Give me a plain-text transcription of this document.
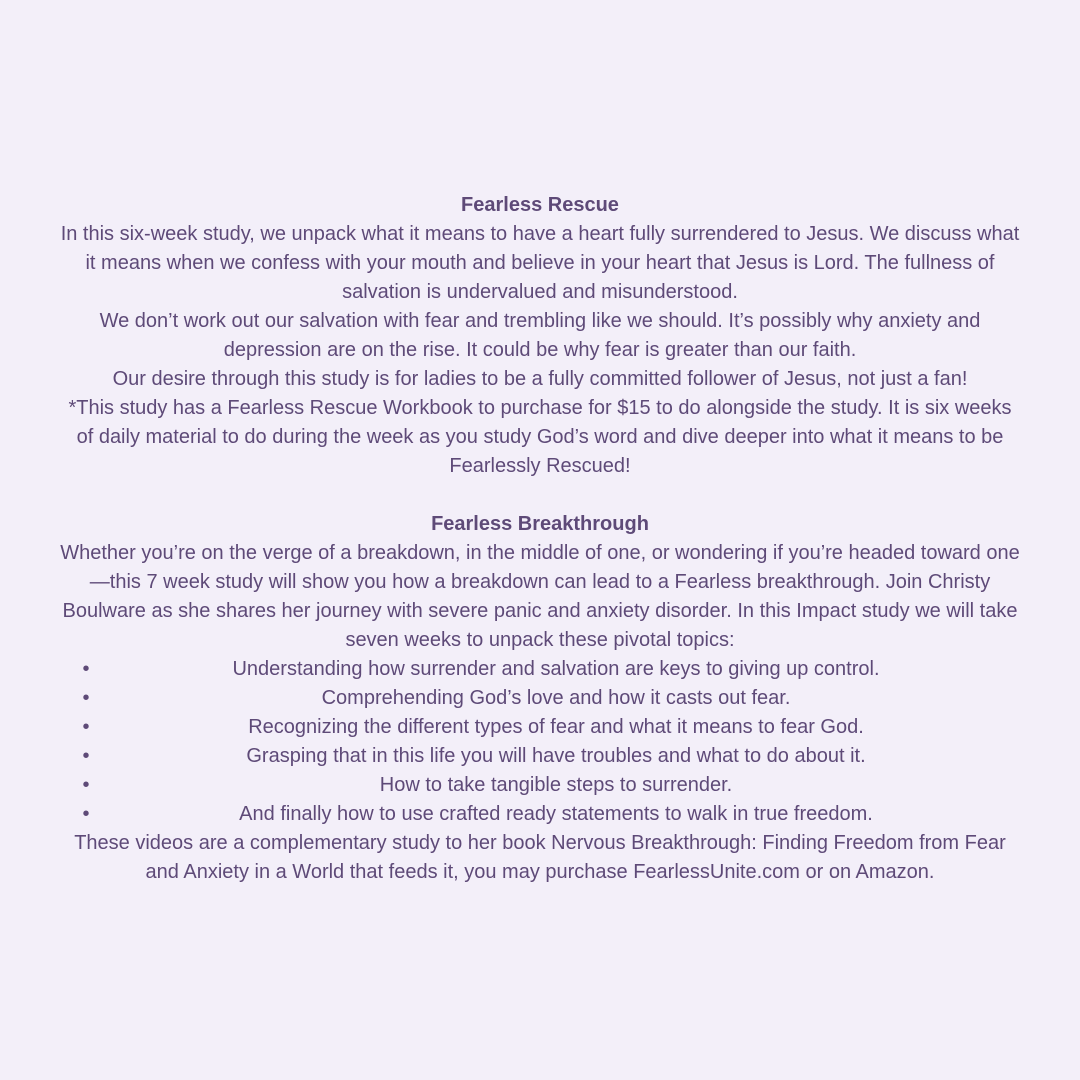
Fearless Rescue

In this six-week study, we unpack what it means to have a heart fully surrendered to Jesus. We discuss what it means when we confess with your mouth and believe in your heart that Jesus is Lord. The fullness of salvation is undervalued and misunderstood.

We don’t work out our salvation with fear and trembling like we should. It’s possibly why anxiety and depression are on the rise. It could be why fear is greater than our faith.

Our desire through this study is for ladies to be a fully committed follower of Jesus, not just a fan!

*This study has a Fearless Rescue Workbook to purchase for $15 to do alongside the study. It is six weeks of daily material to do during the week as you study God’s word and dive deeper into what it means to be Fearlessly Rescued!

Fearless Breakthrough

Whether you’re on the verge of a breakdown, in the middle of one, or wondering if you’re headed toward one—this 7 week study will show you how a breakdown can lead to a Fearless breakthrough. Join Christy Boulware as she shares her journey with severe panic and anxiety disorder. In this Impact study we will take seven weeks to unpack these pivotal topics:

•	Understanding how surrender and salvation are keys to giving up control.
•	Comprehending God’s love and how it casts out fear.
•	Recognizing the different types of fear and what it means to fear God.
•	Grasping that in this life you will have troubles and what to do about it.
•	How to take tangible steps to surrender.
•	And finally how to use crafted ready statements to walk in true freedom.

These videos are a complementary study to her book Nervous Breakthrough: Finding Freedom from Fear and Anxiety in a World that feeds it, you may purchase FearlessUnite.com or on Amazon.
